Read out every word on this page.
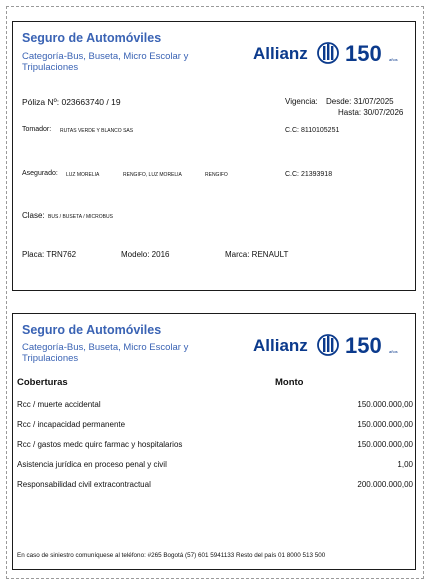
Seguro de Automóviles
Categoría-Bus, Buseta, Micro Escolar y Tripulaciones
Allianz 150 años
Póliza Nº: 023663740 / 19	Vigencia: Desde: 31/07/2025
Hasta: 30/07/2026
Tomador: RUTAS VERDE Y BLANCO SAS	C.C: 8110105251
Asegurado: LUZ MORELIA	RENGIFO, LUZ MORELIA	RENGIFO	C.C: 21393918
Clase: BUS / BUSETA / MICROBUS
Placa: TRN762	Modelo: 2016	Marca: RENAULT
Seguro de Automóviles
Categoría-Bus, Buseta, Micro Escolar y Tripulaciones
Allianz 150 años
Coberturas	Monto
Rcc / muerte accidental	150.000.000,00
Rcc / incapacidad permanente	150.000.000,00
Rcc / gastos medc quirc farmac y hospitalarios	150.000.000,00
Asistencia jurídica en proceso penal y civil	1,00
Responsabilidad civil extracontractual	200.000.000,00
En caso de siniestro comuníquese al teléfono: #265 Bogotá (57) 601 5941133 Resto del país 01 8000 513 500
